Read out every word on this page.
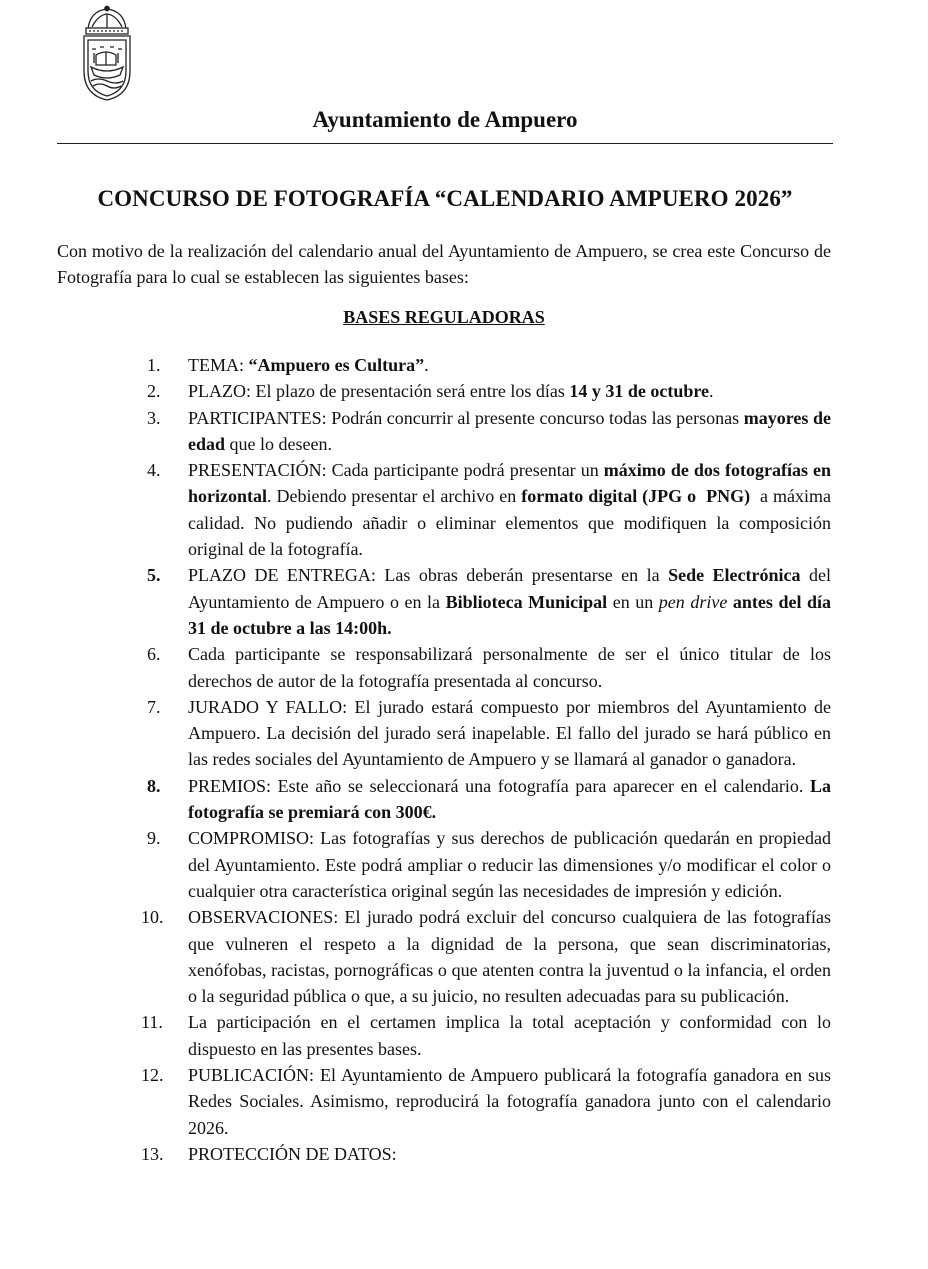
Ayuntamiento de Ampuero
CONCURSO DE FOTOGRAFÍA “CALENDARIO AMPUERO 2026”
Con motivo de la realización del calendario anual del Ayuntamiento de Ampuero, se crea este Concurso de Fotografía para lo cual se establecen las siguientes bases:
BASES REGULADORAS
1.	TEMA: “Ampuero es Cultura”.
2.	PLAZO: El plazo de presentación será entre los días 14 y 31 de octubre.
3.	PARTICIPANTES: Podrán concurrir al presente concurso todas las personas mayores de edad que lo deseen.
4.	PRESENTACIÓN: Cada participante podrá presentar un máximo de dos fotografías en horizontal. Debiendo presentar el archivo en formato digital (JPG o  PNG)  a máxima calidad. No pudiendo añadir o eliminar elementos que modifiquen la composición original de la fotografía.
5.	PLAZO DE ENTREGA: Las obras deberán presentarse en la Sede Electrónica del Ayuntamiento de Ampuero o en la Biblioteca Municipal en un pen drive antes del día 31 de octubre a las 14:00h.
6.	Cada participante se responsabilizará personalmente de ser el único titular de los derechos de autor de la fotografía presentada al concurso.
7.	JURADO Y FALLO: El jurado estará compuesto por miembros del Ayuntamiento de Ampuero. La decisión del jurado será inapelable. El fallo del jurado se hará público en las redes sociales del Ayuntamiento de Ampuero y se llamará al ganador o ganadora.
8.	PREMIOS: Este año se seleccionará una fotografía para aparecer en el calendario. La fotografía se premiará con 300€.
9.	COMPROMISO: Las fotografías y sus derechos de publicación quedarán en propiedad del Ayuntamiento. Este podrá ampliar o reducir las dimensiones y/o modificar el color o cualquier otra característica original según las necesidades de impresión y edición.
10.	OBSERVACIONES: El jurado podrá excluir del concurso cualquiera de las fotografías que vulneren el respeto a la dignidad de la persona, que sean discriminatorias, xenófobas, racistas, pornográficas o que atenten contra la juventud o la infancia, el orden o la seguridad pública o que, a su juicio, no resulten adecuadas para su publicación.
11.	La participación en el certamen implica la total aceptación y conformidad con lo dispuesto en las presentes bases.
12.	PUBLICACIÓN: El Ayuntamiento de Ampuero publicará la fotografía ganadora en sus Redes Sociales. Asimismo, reproducirá la fotografía ganadora junto con el calendario 2026.
13.	PROTECCIÓN DE DATOS:
